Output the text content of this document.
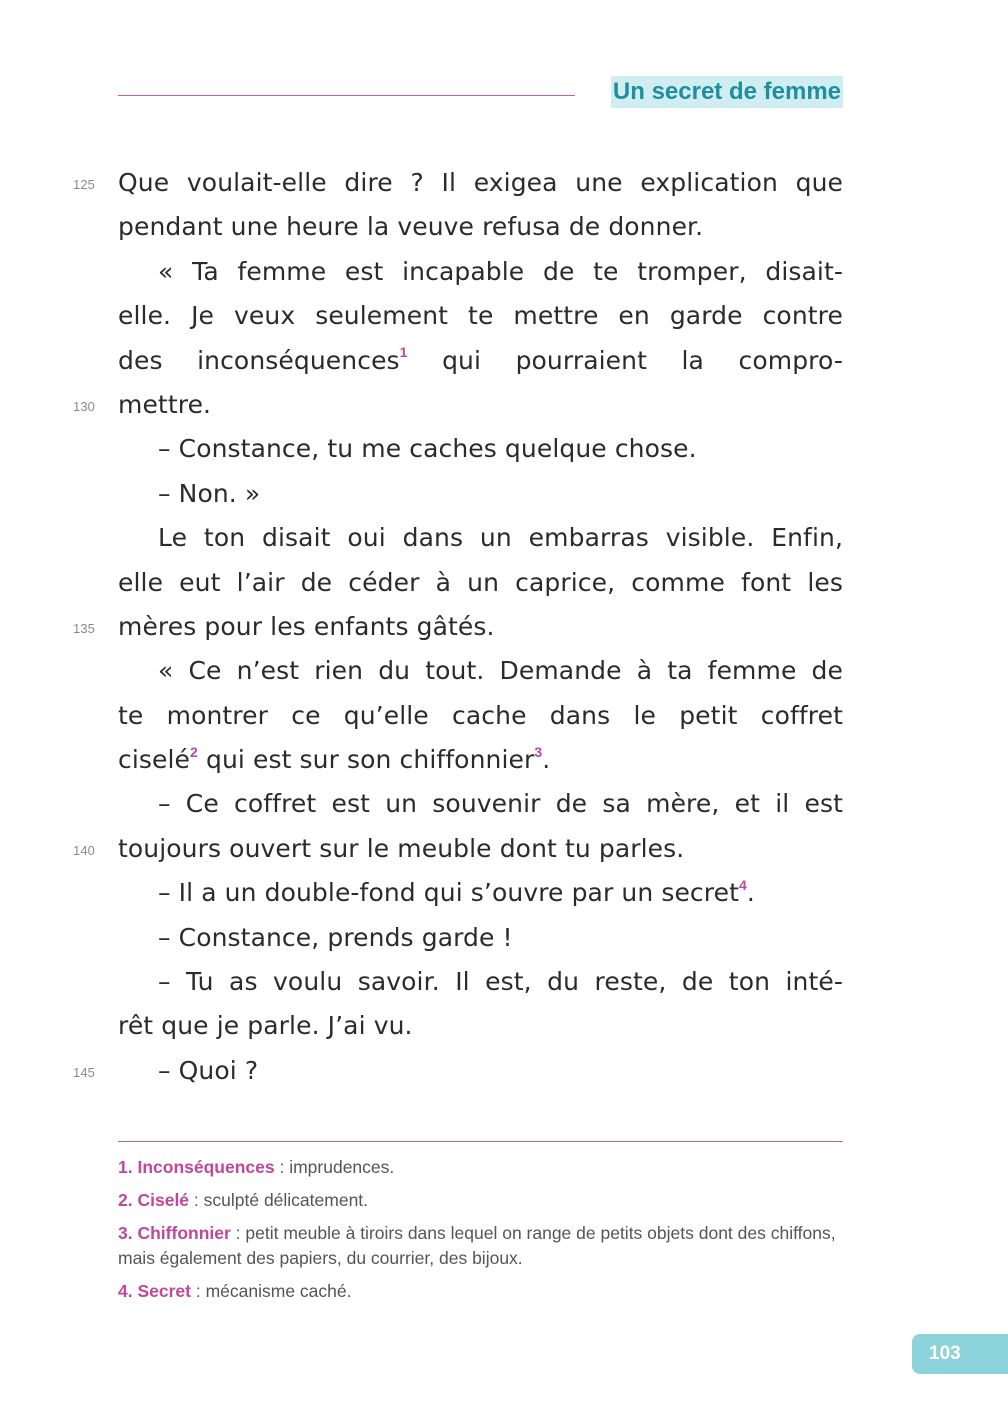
Un secret de femme
125 Que voulait-elle dire ? Il exigea une explication que
pendant une heure la veuve refusa de donner.
« Ta femme est incapable de te tromper, disait-
elle. Je veux seulement te mettre en garde contre
des inconséquences$^1$ qui pourraient la compro-
130 mettre.
– Constance, tu me caches quelque chose.
– Non. »
Le ton disait oui dans un embarras visible. Enfin,
elle eut l’air de céder à un caprice, comme font les
135 mères pour les enfants gâtés.
« Ce n’est rien du tout. Demande à ta femme de
te montrer ce qu’elle cache dans le petit coffret
ciselé$^2$ qui est sur son chiffonnier$^3$.
– Ce coffret est un souvenir de sa mère, et il est
140 toujours ouvert sur le meuble dont tu parles.
– Il a un double-fond qui s’ouvre par un secret$^4$.
– Constance, prends garde !
– Tu as voulu savoir. Il est, du reste, de ton inté-
rêt que je parle. J’ai vu.
145	– Quoi ?
1. Inconséquences : imprudences.
2. Ciselé : sculpté délicatement.
3. Chiffonnier : petit meuble à tiroirs dans lequel on range de petits objets dont des chiffons, mais également des papiers, du courrier, des bijoux.
4. Secret : mécanisme caché.
103
